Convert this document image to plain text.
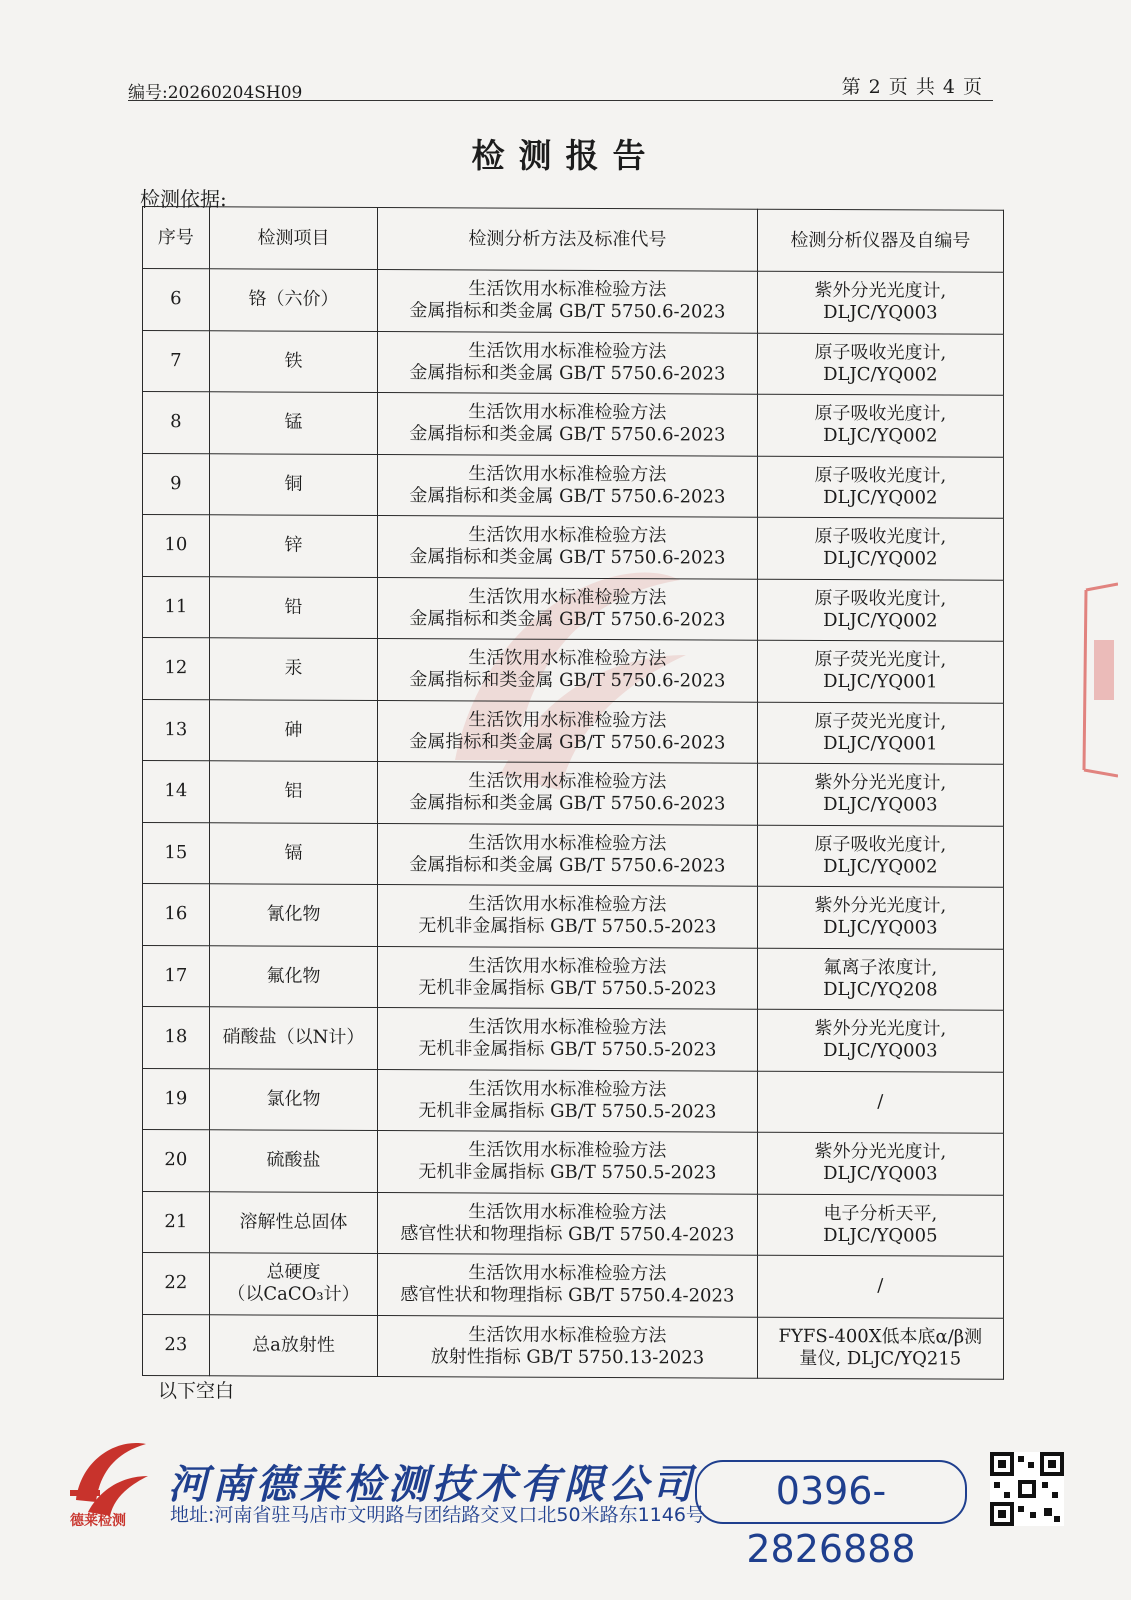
编号:20260204SH09	第 2 页 共 4 页
检测报告
检测依据:
序号	检测项目	检测分析方法及标准代号	检测分析仪器及自编号
6	铬（六价）	生活饮用水标准检验方法
金属指标和类金属 GB/T 5750.6-2023	紫外分光光度计,
DLJC/YQ003
7	铁	生活饮用水标准检验方法
金属指标和类金属 GB/T 5750.6-2023	原子吸收光度计,
DLJC/YQ002
8	锰	生活饮用水标准检验方法
金属指标和类金属 GB/T 5750.6-2023	原子吸收光度计,
DLJC/YQ002
9	铜	生活饮用水标准检验方法
金属指标和类金属 GB/T 5750.6-2023	原子吸收光度计,
DLJC/YQ002
10	锌	生活饮用水标准检验方法
金属指标和类金属 GB/T 5750.6-2023	原子吸收光度计,
DLJC/YQ002
11	铅	生活饮用水标准检验方法
金属指标和类金属 GB/T 5750.6-2023	原子吸收光度计,
DLJC/YQ002
12	汞	生活饮用水标准检验方法
金属指标和类金属 GB/T 5750.6-2023	原子荧光光度计,
DLJC/YQ001
13	砷	生活饮用水标准检验方法
金属指标和类金属 GB/T 5750.6-2023	原子荧光光度计,
DLJC/YQ001
14	铝	生活饮用水标准检验方法
金属指标和类金属 GB/T 5750.6-2023	紫外分光光度计,
DLJC/YQ003
15	镉	生活饮用水标准检验方法
金属指标和类金属 GB/T 5750.6-2023	原子吸收光度计,
DLJC/YQ002
16	氰化物	生活饮用水标准检验方法
无机非金属指标 GB/T 5750.5-2023	紫外分光光度计,
DLJC/YQ003
17	氟化物	生活饮用水标准检验方法
无机非金属指标 GB/T 5750.5-2023	氟离子浓度计,
DLJC/YQ208
18	硝酸盐（以N计）	生活饮用水标准检验方法
无机非金属指标 GB/T 5750.5-2023	紫外分光光度计,
DLJC/YQ003
19	氯化物	生活饮用水标准检验方法
无机非金属指标 GB/T 5750.5-2023	/
20	硫酸盐	生活饮用水标准检验方法
无机非金属指标 GB/T 5750.5-2023	紫外分光光度计,
DLJC/YQ003
21	溶解性总固体	生活饮用水标准检验方法
感官性状和物理指标 GB/T 5750.4-2023	电子分析天平,
DLJC/YQ005
22	总硬度
（以CaCO₃计）	生活饮用水标准检验方法
感官性状和物理指标 GB/T 5750.4-2023	/
23	总a放射性	生活饮用水标准检验方法
放射性指标 GB/T 5750.13-2023	FYFS-400X低本底α/β测
量仪, DLJC/YQ215
以下空白
德莱检测
河南德莱检测技术有限公司
地址:河南省驻马店市文明路与团结路交叉口北50米路东1146号
0396-2826888
